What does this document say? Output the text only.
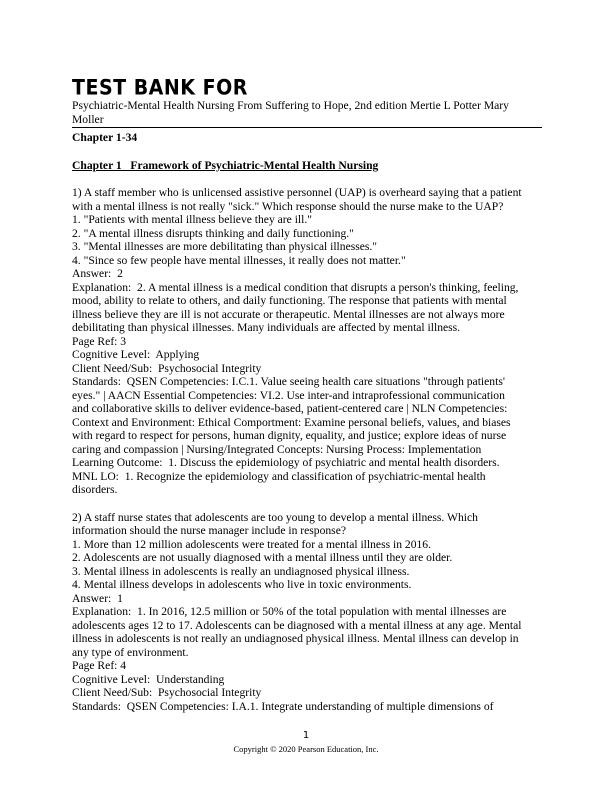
TEST BANK FOR
Psychiatric-Mental Health Nursing From Suffering to Hope, 2nd edition Mertie L Potter Mary Moller
Chapter 1-34
Chapter 1   Framework of Psychiatric-Mental Health Nursing
1) A staff member who is unlicensed assistive personnel (UAP) is overheard saying that a patient
with a mental illness is not really "sick." Which response should the nurse make to the UAP?
1. "Patients with mental illness believe they are ill."
2. "A mental illness disrupts thinking and daily functioning."
3. "Mental illnesses are more debilitating than physical illnesses."
4. "Since so few people have mental illnesses, it really does not matter."
Answer:  2
Explanation:  2. A mental illness is a medical condition that disrupts a person's thinking, feeling,
mood, ability to relate to others, and daily functioning. The response that patients with mental
illness believe they are ill is not accurate or therapeutic. Mental illnesses are not always more
debilitating than physical illnesses. Many individuals are affected by mental illness.
Page Ref: 3
Cognitive Level:  Applying
Client Need/Sub:  Psychosocial Integrity
Standards:  QSEN Competencies: I.C.1. Value seeing health care situations "through patients'
eyes." | AACN Essential Competencies: VI.2. Use inter-and intraprofessional communication
and collaborative skills to deliver evidence-based, patient-centered care | NLN Competencies:
Context and Environment: Ethical Comportment: Examine personal beliefs, values, and biases
with regard to respect for persons, human dignity, equality, and justice; explore ideas of nurse
caring and compassion | Nursing/Integrated Concepts: Nursing Process: Implementation
Learning Outcome:  1. Discuss the epidemiology of psychiatric and mental health disorders.
MNL LO:  1. Recognize the epidemiology and classification of psychiatric-mental health
disorders.
2) A staff nurse states that adolescents are too young to develop a mental illness. Which
information should the nurse manager include in response?
1. More than 12 million adolescents were treated for a mental illness in 2016.
2. Adolescents are not usually diagnosed with a mental illness until they are older.
3. Mental illness in adolescents is really an undiagnosed physical illness.
4. Mental illness develops in adolescents who live in toxic environments.
Answer:  1
Explanation:  1. In 2016, 12.5 million or 50% of the total population with mental illnesses are
adolescents ages 12 to 17. Adolescents can be diagnosed with a mental illness at any age. Mental
illness in adolescents is not really an undiagnosed physical illness. Mental illness can develop in
any type of environment.
Page Ref: 4
Cognitive Level:  Understanding
Client Need/Sub:  Psychosocial Integrity
Standards:  QSEN Competencies: I.A.1. Integrate understanding of multiple dimensions of
1
Copyright © 2020 Pearson Education, Inc.
